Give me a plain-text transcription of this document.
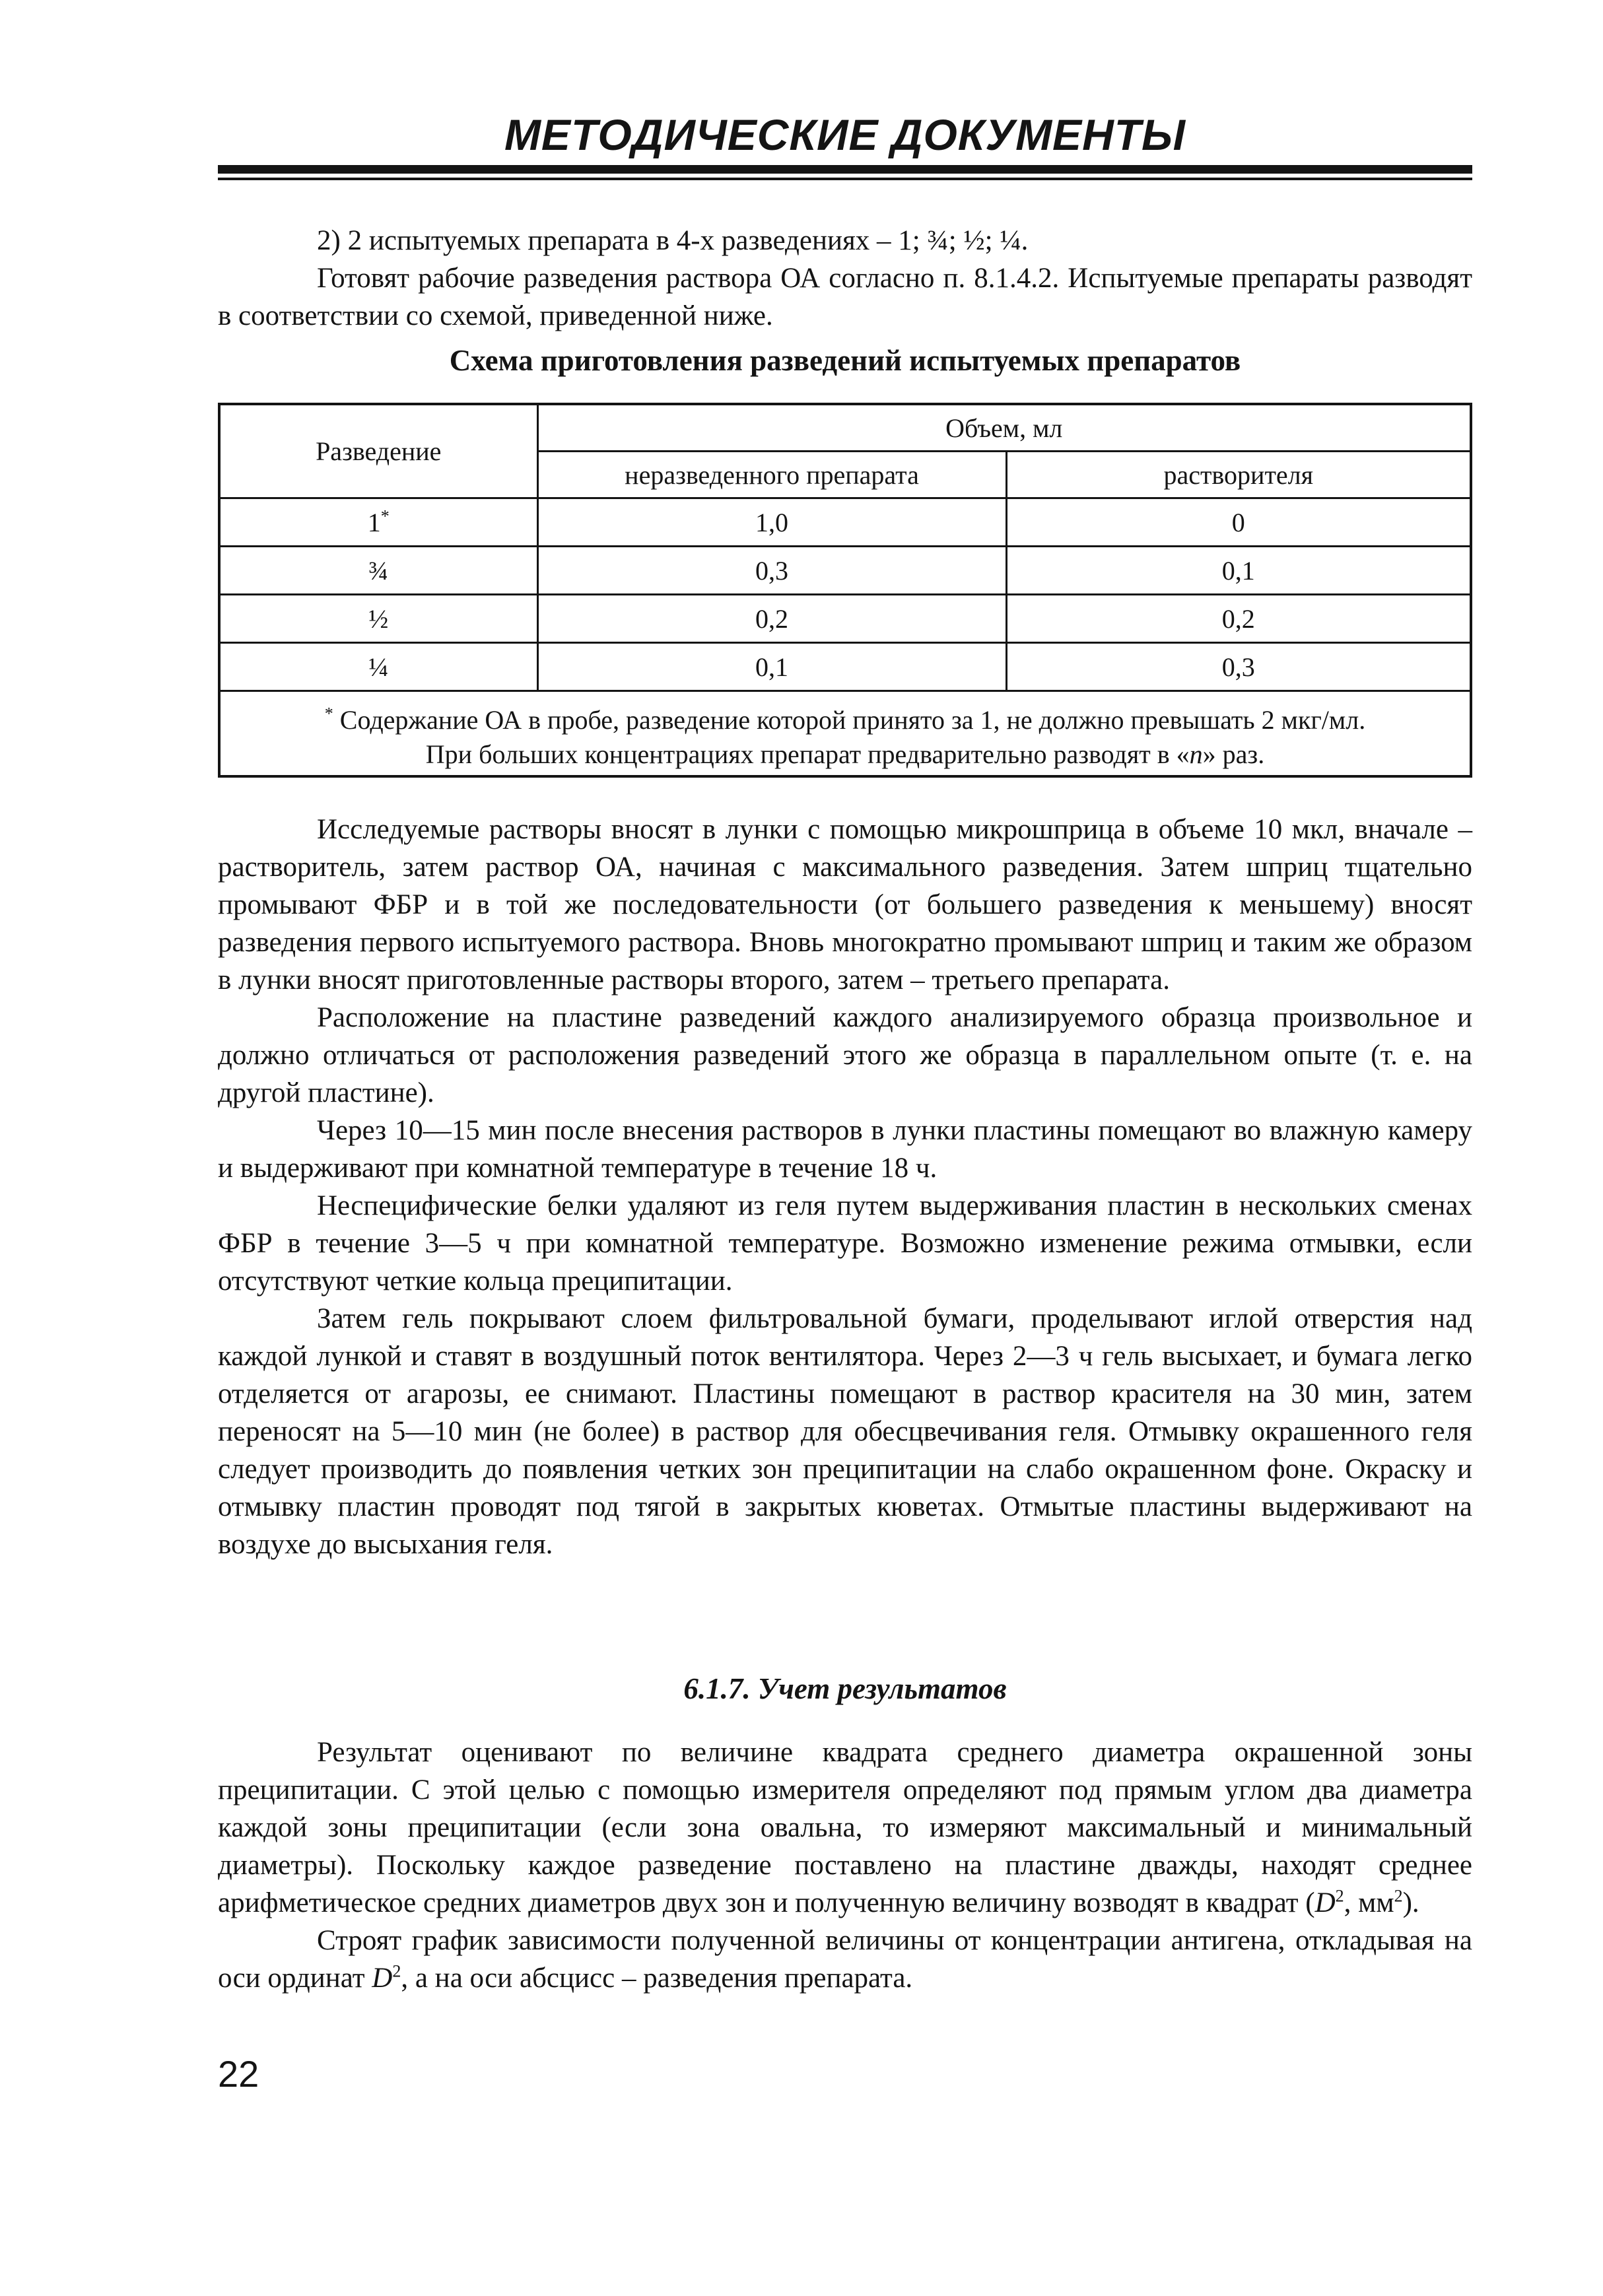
МЕТОДИЧЕСКИЕ ДОКУМЕНТЫ

2) 2 испытуемых препарата в 4-х разведениях – 1; ¾; ½; ¼.

Готовят рабочие разведения раствора ОА согласно п. 8.1.4.2. Испытуемые препараты разводят в соответствии со схемой, приведенной ниже.

Схема приготовления разведений испытуемых препаратов
Разведение	Объем, мл	
	неразведенного препарата	растворителя
1*	1,0	0
¾	0,3	0,1
½	0,2	0,2
¼	0,1	0,3

* Содержание ОА в пробе, разведение которой принято за 1, не должно превышать 2 мкг/мл.
При больших концентрациях препарат предварительно разводят в «n» раз.		

Исследуемые растворы вносят в лунки с помощью микрошприца в объеме 10 мкл, вначале – растворитель, затем раствор ОА, начиная с максимального разведения. Затем шприц тщательно промывают ФБР и в той же последовательности (от большего разведения к меньшему) вносят разведения первого испытуемого раствора. Вновь многократно промывают шприц и таким же образом в лунки вносят приготовленные растворы второго, затем – третьего препарата.

Расположение на пластине разведений каждого анализируемого образца произвольное и должно отличаться от расположения разведений этого же образца в параллельном опыте (т. е. на другой пластине).

Через 10—15 мин после внесения растворов в лунки пластины помещают во влажную камеру и выдерживают при комнатной температуре в течение 18 ч.

Неспецифические белки удаляют из геля путем выдерживания пластин в нескольких сменах ФБР в течение 3—5 ч при комнатной температуре. Возможно изменение режима отмывки, если отсутствуют четкие кольца преципитации.

Затем гель покрывают слоем фильтровальной бумаги, проделывают иглой отверстия над каждой лункой и ставят в воздушный поток вентилятора. Через 2—3 ч гель высыхает, и бумага легко отделяется от агарозы, ее снимают. Пластины помещают в раствор красителя на 30 мин, затем переносят на 5—10 мин (не более) в раствор для обесцвечивания геля. Отмывку окрашенного геля следует производить до появления четких зон преципитации на слабо окрашенном фоне. Окраску и отмывку пластин проводят под тягой в закрытых кюветах. Отмытые пластины выдерживают на воздухе до высыхания геля.

6.1.7. Учет результатов

Результат оценивают по величине квадрата среднего диаметра окрашенной зоны преципитации. С этой целью с помощью измерителя определяют под прямым углом два диаметра каждой зоны преципитации (если зона овальна, то измеряют максимальный и минимальный диаметры). Поскольку каждое разведение поставлено на пластине дважды, находят среднее арифметическое средних диаметров двух зон и полученную величину возводят в квадрат ($D^2$, $мм^2$).

Строят график зависимости полученной величины от концентрации антигена, откладывая на оси ординат $D^2$, а на оси абсцисс – разведения препарата.

22
